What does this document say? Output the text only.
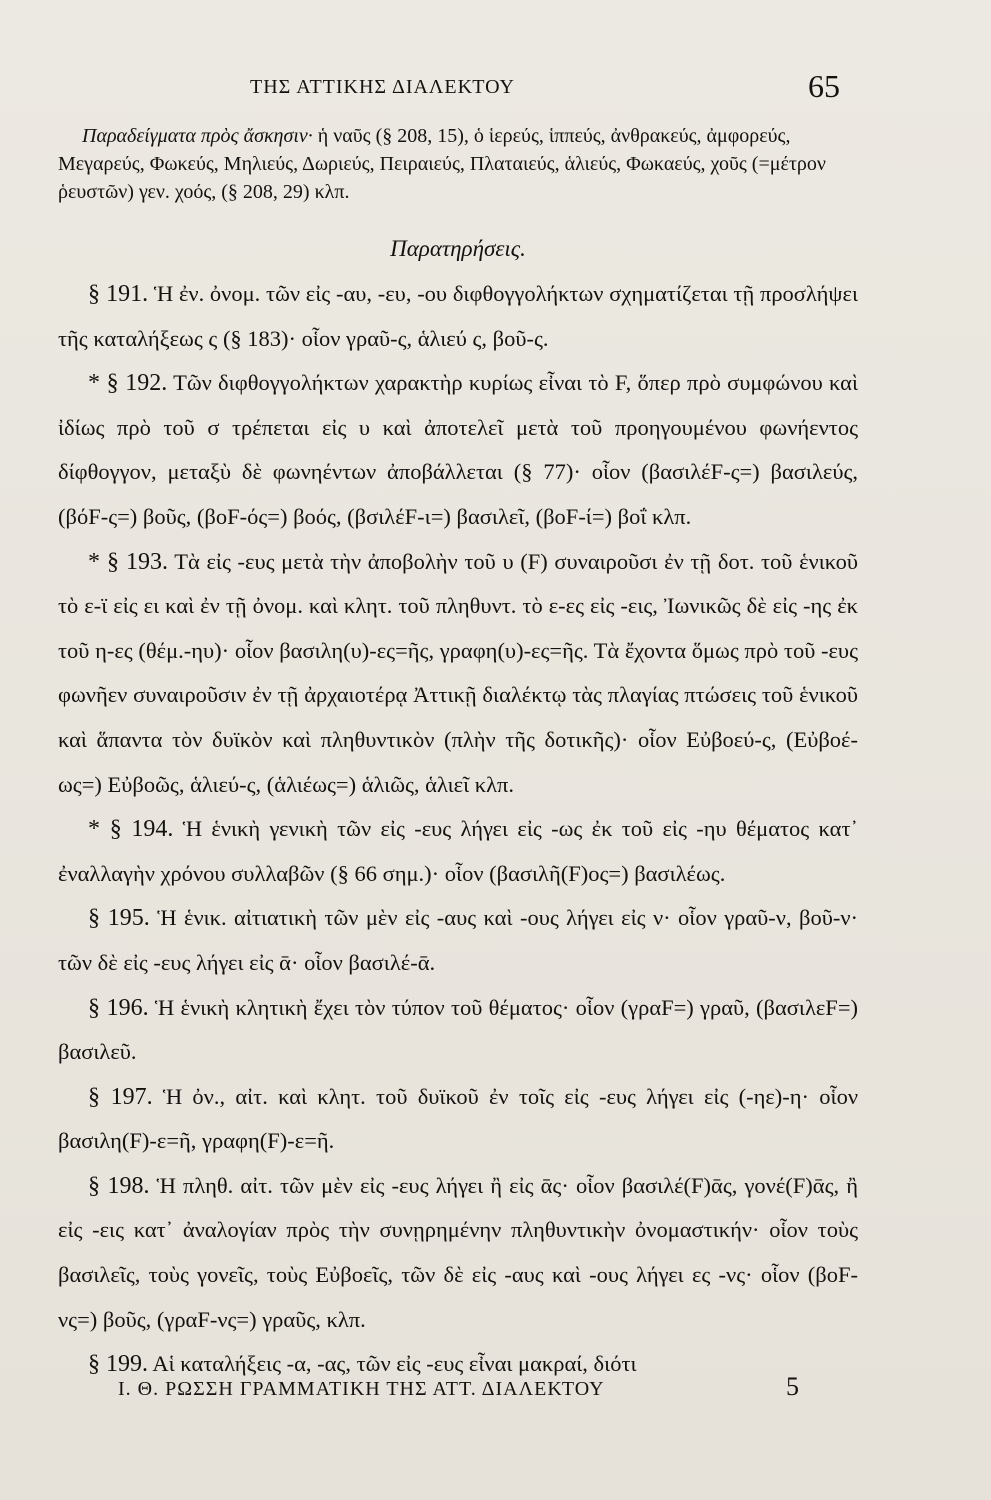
ΤΗΣ ΑΤΤΙΚΗΣ ΔΙΑΛΕΚΤΟΥ	65

Παραδείγματα πρὸς ἄσκησιν· ἡ ναῦς (§ 208, 15), ὁ ἱερεύς, ἱππεύς, ἀνθρακεύς, ἀμφορεύς, Μεγαρεύς, Φωκεύς, Μηλιεύς, Δωριεύς, Πειραιεύς, Πλαταιεύς, ἁλιεύς, Φωκαεύς, χοῦς (=μέτρον ῥευστῶν) γεν. χοός, (§ 208, 29) κλπ.

Παρατηρήσεις.

§ 191. Ἡ ἐν. ὀνομ. τῶν εἰς -αυ, -ευ, -ου διφθογγολήκτων σχηματίζεται τῇ προσλήψει τῆς καταλήξεως ς (§ 183)· οἷον γραῦ-ς, ἁλιεύ ς, βοῦ-ς.

* § 192. Τῶν διφθογγολήκτων χαρακτὴρ κυρίως εἶναι τὸ F, ὅπερ πρὸ συμφώνου καὶ ἰδίως πρὸ τοῦ σ τρέπεται εἰς υ καὶ ἀποτελεῖ μετὰ τοῦ προηγουμένου φωνήεντος δίφθογγον, μεταξὺ δὲ φωνηέντων ἀποβάλλεται (§ 77)· οἷον (βασιλέF-ς=) βασιλεύς, (βόF-ς=) βοῦς, (βοF-ός=) βοός, (βσιλέF-ι=) βασιλεῖ, (βοF-ί=) βοΐ κλπ.

* § 193. Τὰ εἰς -ευς μετὰ τὴν ἀποβολὴν τοῦ υ (F) συναιροῦσι ἐν τῇ δοτ. τοῦ ἑνικοῦ τὸ ε-ϊ εἰς ει καὶ ἐν τῇ ὀνομ. καὶ κλητ. τοῦ πληθυντ. τὸ ε-ες εἰς -εις, Ἰωνικῶς δὲ εἰς -ης ἐκ τοῦ η-ες (θέμ.-ηυ)· οἷον βασιλη(υ)-ες=ῆς, γραφη(υ)-ες=ῆς. Τὰ ἔχοντα ὅμως πρὸ τοῦ -ευς φωνῆεν συναιροῦσιν ἐν τῇ ἀρχαιοτέρᾳ Ἀττικῇ διαλέκτῳ τὰς πλαγίας πτώσεις τοῦ ἑνικοῦ καὶ ἅπαντα τὸν δυϊκὸν καὶ πληθυντικὸν (πλὴν τῆς δοτικῆς)· οἷον Εὐβοεύ-ς, (Εὐβοέ-ως=) Εὐβοῶς, ἁλιεύ-ς, (ἁλιέως=) ἁλιῶς, ἁλιεῖ κλπ.

* § 194. Ἡ ἑνικὴ γενικὴ τῶν εἰς -ευς λήγει εἰς -ως ἐκ τοῦ εἰς -ηυ θέματος κατ᾽ ἐναλλαγὴν χρόνου συλλαβῶν (§ 66 σημ.)· οἷον (βασιλῆ(F)ος=) βασιλέως.

§ 195. Ἡ ἑνικ. αἰτιατικὴ τῶν μὲν εἰς -αυς καὶ -ους λήγει εἰς ν· οἷον γραῦ-ν, βοῦ-ν· τῶν δὲ εἰς -ευς λήγει εἰς ᾱ· οἷον βασιλέ-ᾱ.

§ 196. Ἡ ἑνικὴ κλητικὴ ἔχει τὸν τύπον τοῦ θέματος· οἷον (γραF=) γραῦ, (βασιλεF=) βασιλεῦ.

§ 197. Ἡ ὀν., αἰτ. καὶ κλητ. τοῦ δυϊκοῦ ἐν τοῖς εἰς -ευς λήγει εἰς (-ηε)-η· οἷον βασιλη(F)-ε=ῆ, γραφη(F)-ε=ῆ.

§ 198. Ἡ πληθ. αἰτ. τῶν μὲν εἰς -ευς λήγει ἢ εἰς ᾱς· οἷον βασιλέ(F)ᾱς, γονέ(F)ᾱς, ἢ εἰς -εις κατ᾽ ἀναλογίαν πρὸς τὴν συνῃρημένην πληθυντικὴν ὀνομαστικήν· οἷον τοὺς βασιλεῖς, τοὺς γονεῖς, τοὺς Εὐβοεῖς, τῶν δὲ εἰς -αυς καὶ -ους λήγει ες -νς· οἷον (βοF-νς=) βοῦς, (γραF-νς=) γραῦς, κλπ.

§ 199. Αἱ καταλήξεις -α, -ας, τῶν εἰς -ευς εἶναι μακραί, διότι

Ι. Θ. ΡΩΣΣΗ ΓΡΑΜΜΑΤΙΚΗ ΤΗΣ ΑΤΤ. ΔΙΑΛΕΚΤΟΥ	5
